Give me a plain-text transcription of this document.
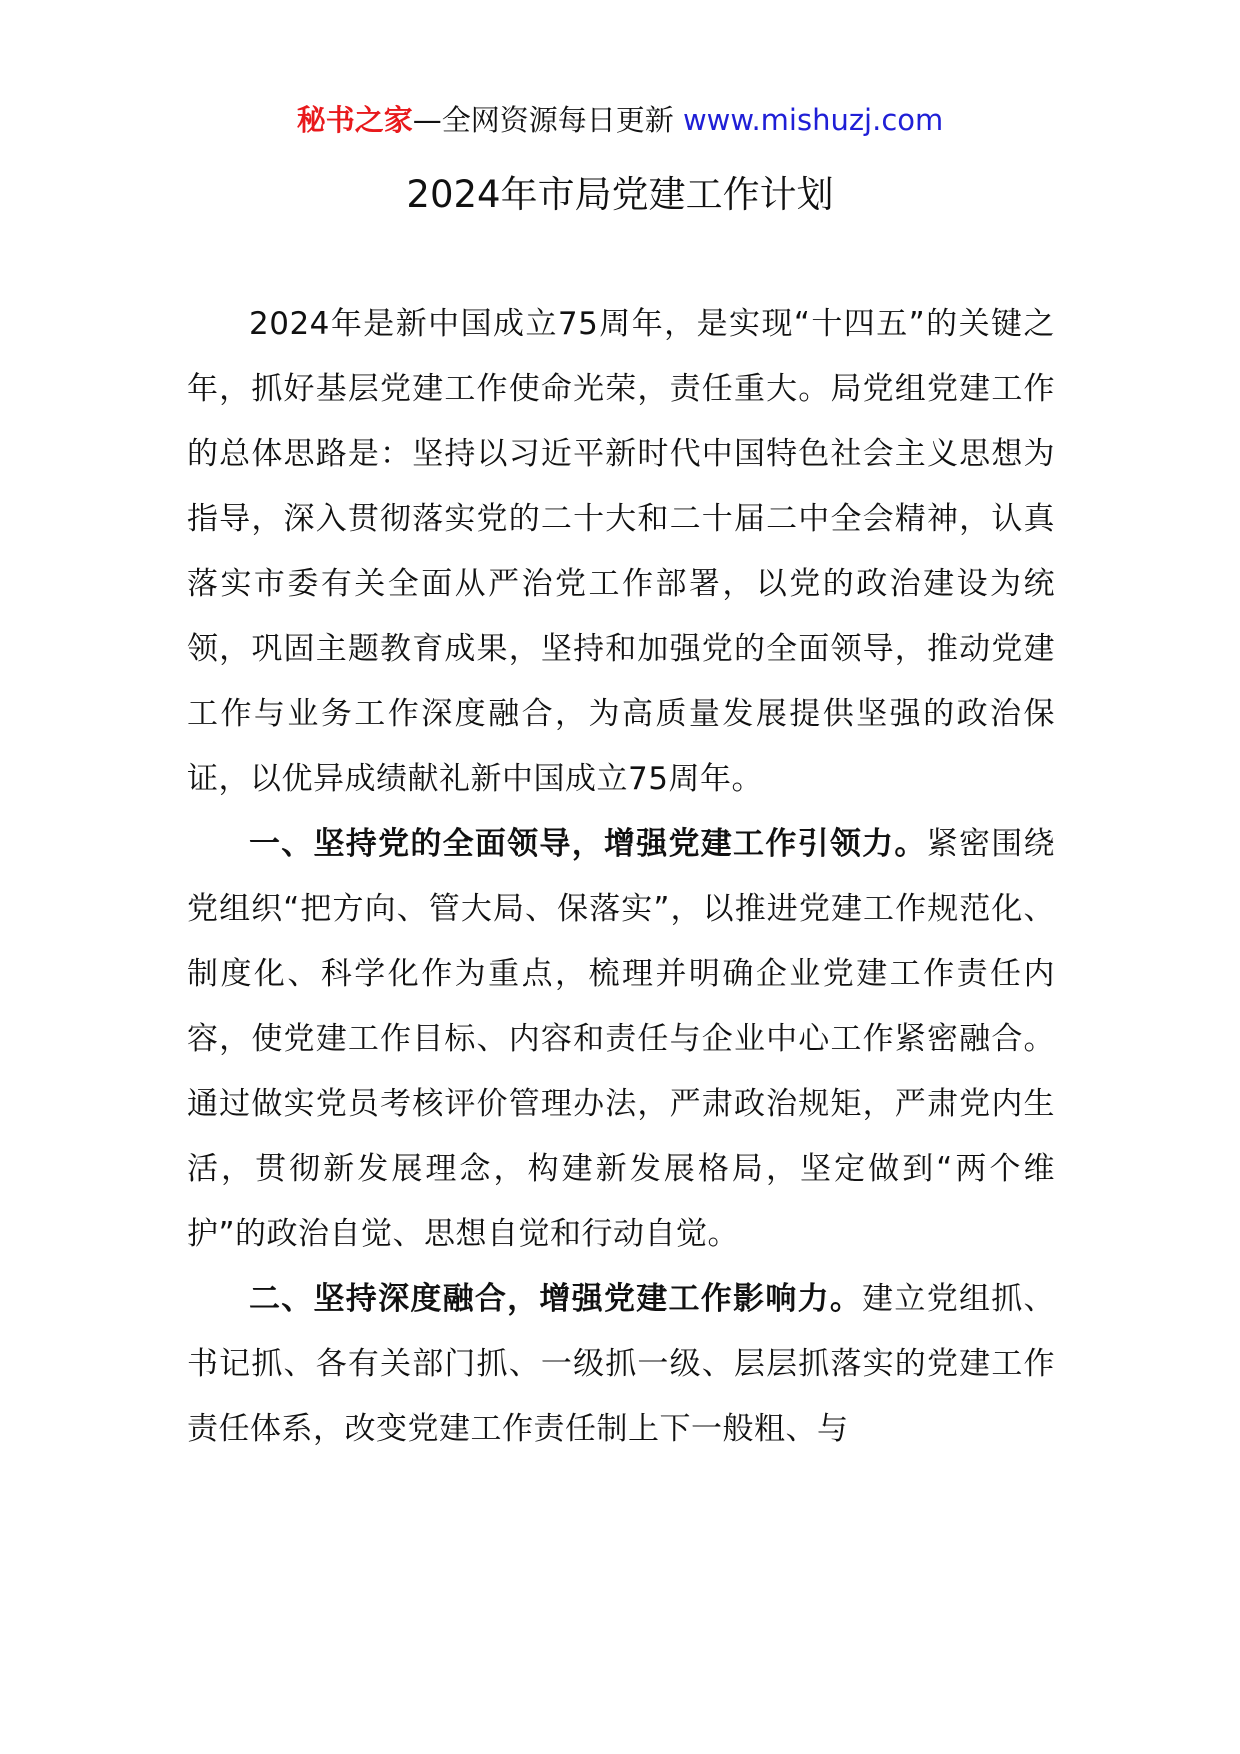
秘书之家—全网资源每日更新 www.mishuzj.com
2024年市局党建工作计划

2024年是新中国成立75周年，是实现“十四五”的关键之年，抓好基层党建工作使命光荣，责任重大。局党组党建工作的总体思路是：坚持以习近平新时代中国特色社会主义思想为指导，深入贯彻落实党的二十大和二十届二中全会精神，认真落实市委有关全面从严治党工作部署，以党的政治建设为统领，巩固主题教育成果，坚持和加强党的全面领导，推动党建工作与业务工作深度融合，为高质量发展提供坚强的政治保证，以优异成绩献礼新中国成立75周年。

一、坚持党的全面领导，增强党建工作引领力。紧密围绕党组织“把方向、管大局、保落实”，以推进党建工作规范化、制度化、科学化作为重点，梳理并明确企业党建工作责任内容，使党建工作目标、内容和责任与企业中心工作紧密融合。通过做实党员考核评价管理办法，严肃政治规矩，严肃党内生活，贯彻新发展理念，构建新发展格局，坚定做到“两个维护”的政治自觉、思想自觉和行动自觉。

二、坚持深度融合，增强党建工作影响力。建立党组抓、书记抓、各有关部门抓、一级抓一级、层层抓落实的党建工作责任体系，改变党建工作责任制上下一般粗、与
